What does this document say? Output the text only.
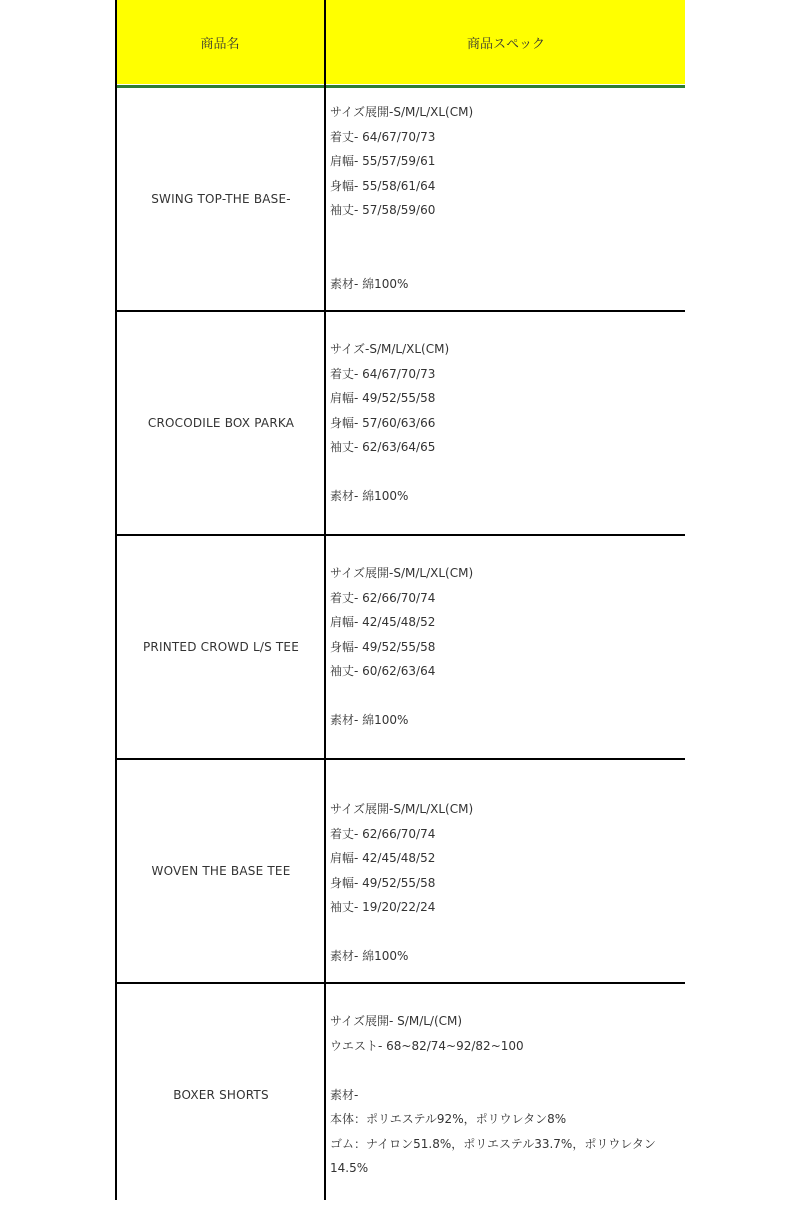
商品名	商品スペック
SWING TOP-THE BASE-
サイズ展開-S/M/L/XL(CM)
着丈- 64/67/70/73
肩幅- 55/57/59/61
身幅- 55/58/61/64
袖丈- 57/58/59/60
素材- 綿100%
CROCODILE BOX PARKA
サイズ-S/M/L/XL(CM)
着丈- 64/67/70/73
肩幅- 49/52/55/58
身幅- 57/60/63/66
袖丈- 62/63/64/65
素材- 綿100%
PRINTED CROWD L/S TEE
サイズ展開-S/M/L/XL(CM)
着丈- 62/66/70/74
肩幅- 42/45/48/52
身幅- 49/52/55/58
袖丈- 60/62/63/64
素材- 綿100%
WOVEN THE BASE TEE
サイズ展開-S/M/L/XL(CM)
着丈- 62/66/70/74
肩幅- 42/45/48/52
身幅- 49/52/55/58
袖丈- 19/20/22/24
素材- 綿100%
BOXER SHORTS
サイズ展開- S/M/L/(CM)
ウエスト- 68~82/74~92/82~100
素材-
本体：ポリエステル92%，ポリウレタン8%
ゴム：ナイロン51.8%，ポリエステル33.7%，ポリウレタン14.5%
